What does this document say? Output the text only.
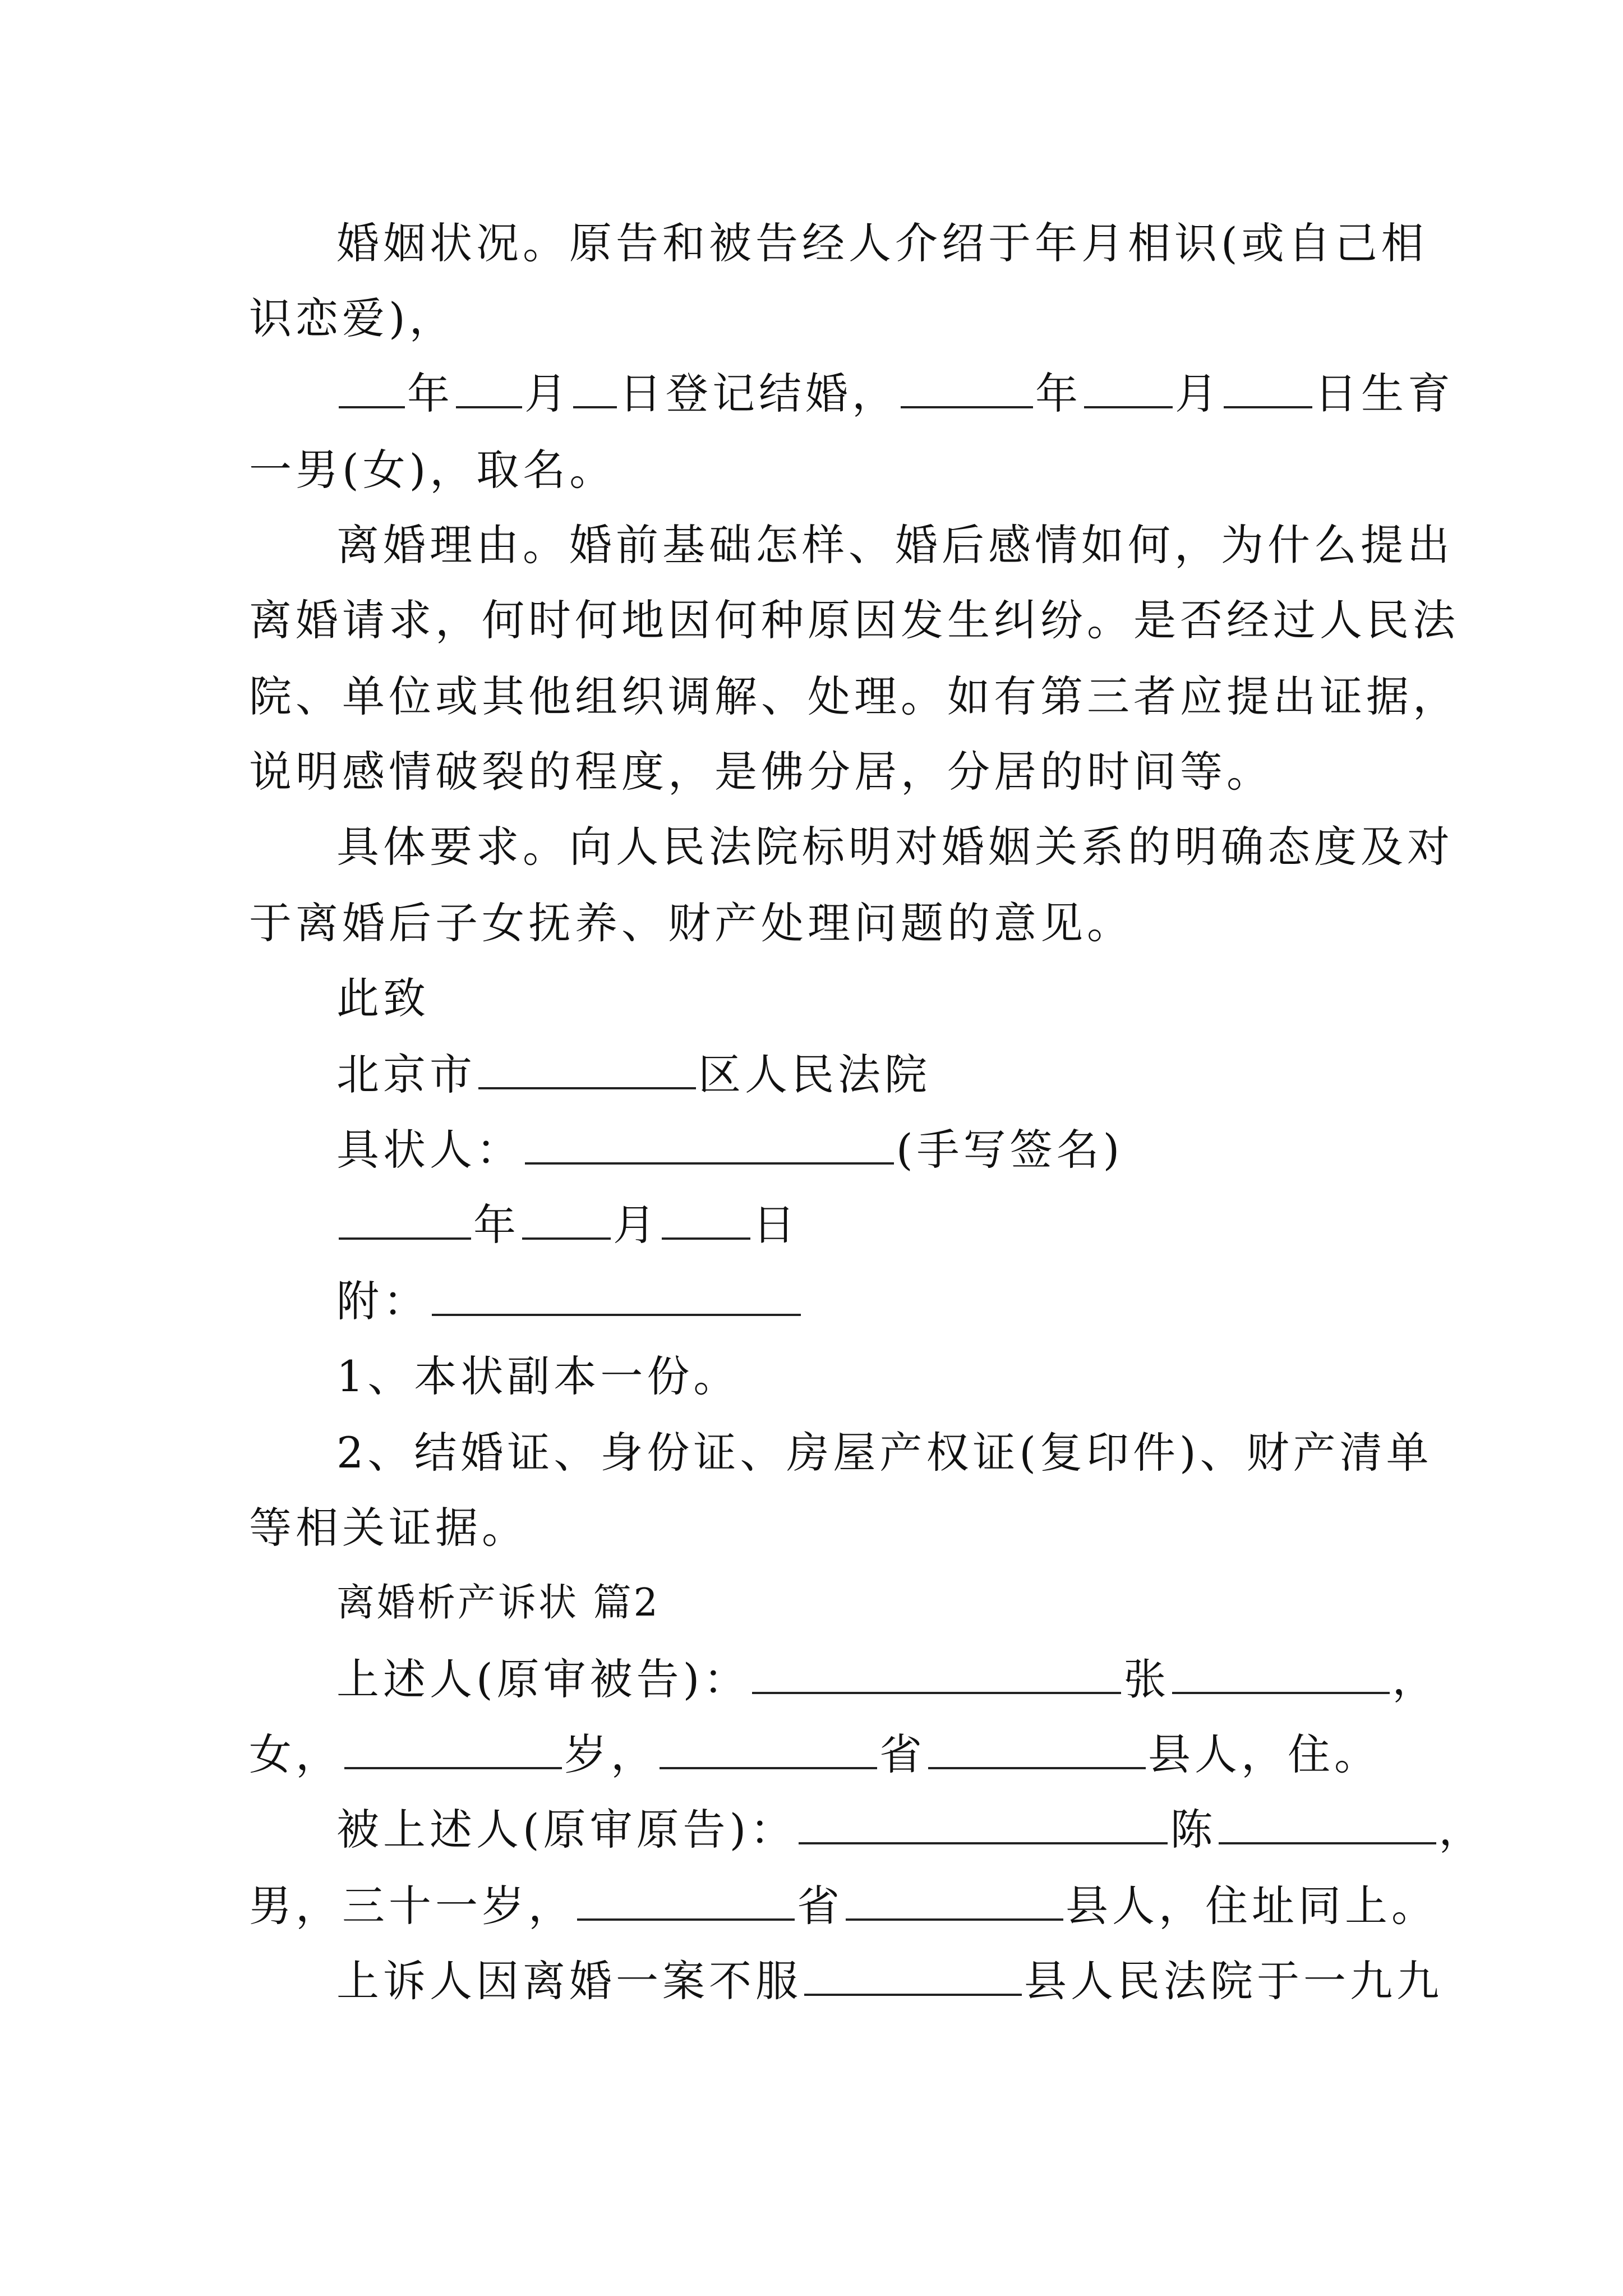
婚姻状况。原告和被告经人介绍于年月相识(或自己相
识恋爱)，
年 月 日登记结婚，	年 月 日生育
一男(女)，取名。
离婚理由。婚前基础怎样、婚后感情如何，为什么提出
离婚请求，何时何地因何种原因发生纠纷。是否经过人民法
院、单位或其他组织调解、处理。如有第三者应提出证据，
说明感情破裂的程度，是佛分居，分居的时间等。
具体要求。向人民法院标明对婚姻关系的明确态度及对
于离婚后子女抚养、财产处理问题的意见。
此致
北京市	区人民法院
具状人：	(手写签名)
年 月 日
附：
1、本状副本一份。
2、结婚证、身份证、房屋产权证(复印件)、财产清单
等相关证据。
离婚析产诉状 篇2
上述人(原审被告)：	张	，
女，	岁，	省	县人，住。
被上述人(原审原告)：	陈	，
男，三十一岁，	省	县人，住址同上。
上诉人因离婚一案不服	县人民法院于一九九
